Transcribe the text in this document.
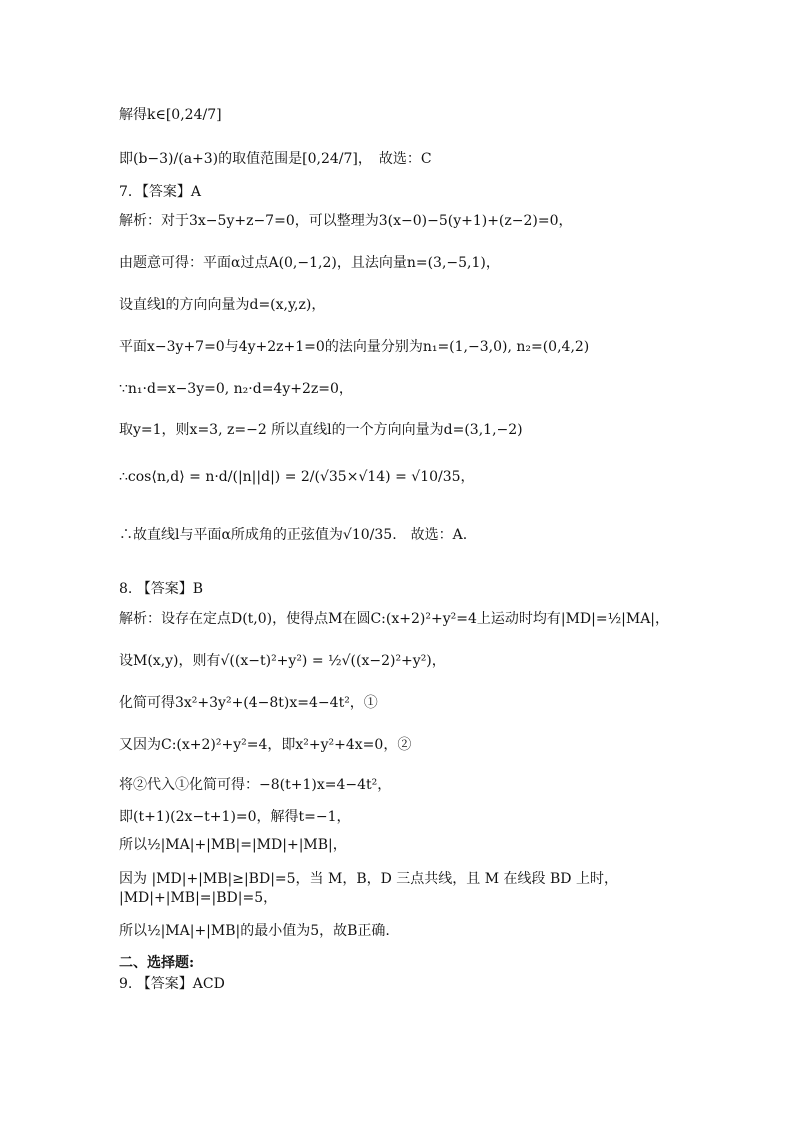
解得k∈[0,24/7]
即(b−3)/(a+3)的取值范围是[0,24/7]，　故选：C
7．【答案】A
解析：对于3x−5y+z−7=0，可以整理为3(x−0)−5(y+1)+(z−2)=0，
由题意可得：平面α过点A(0,−1,2)，且法向量n=(3,−5,1)，
设直线l的方向向量为d=(x,y,z)，
平面x−3y+7=0与4y+2z+1=0的法向量分别为n₁=(1,−3,0), n₂=(0,4,2)
∵n₁·d=x−3y=0, n₂·d=4y+2z=0，
取y=1，则x=3, z=−2 所以直线l的一个方向向量为d=(3,1,−2)
∴cos⟨n,d⟩ = n·d/(|n||d|) = 2/(√35×√14) = √10/35，
∴故直线l与平面α所成角的正弦值为√10/35.　故选：A.
8. 【答案】B
解析：设存在定点D(t,0)，使得点M在圆C:(x+2)²+y²=4上运动时均有|MD|=½|MA|，
设M(x,y)，则有√((x−t)²+y²) = ½√((x−2)²+y²)，
化简可得3x²+3y²+(4−8t)x=4−4t²，①
又因为C:(x+2)²+y²=4，即x²+y²+4x=0，②
将②代入①化简可得：−8(t+1)x=4−4t²，
即(t+1)(2x−t+1)=0，解得t=−1，
所以½|MA|+|MB|=|MD|+|MB|，
因为 |MD|+|MB|≥|BD|=5，当 M，B，D 三点共线，且 M 在线段 BD 上时，
|MD|+|MB|=|BD|=5，
所以½|MA|+|MB|的最小值为5，故B正确.
二、选择题:
9. 【答案】ACD
